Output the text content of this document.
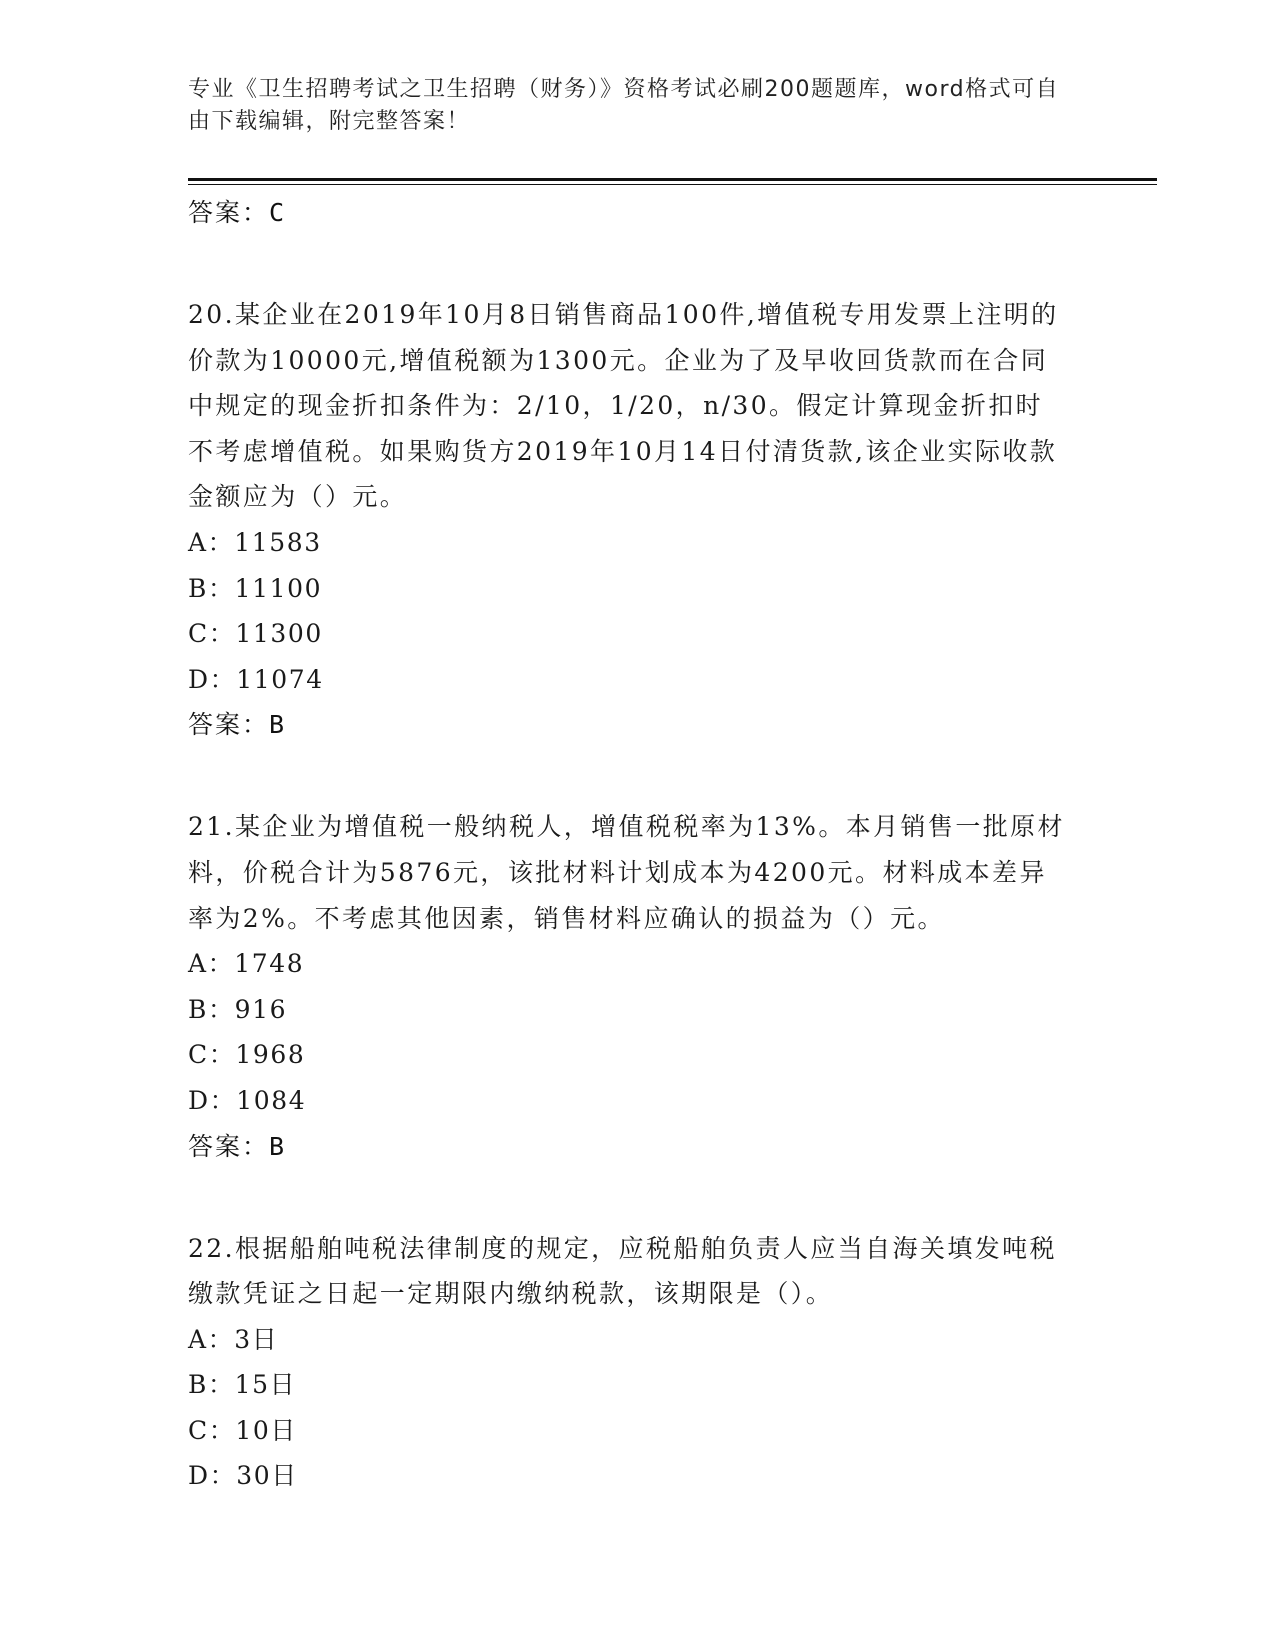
专业《卫生招聘考试之卫生招聘（财务）》资格考试必刷200题题库，word格式可自由下载编辑，附完整答案！
答案：C
20.某企业在2019年10月8日销售商品100件,增值税专用发票上注明的价款为10000元,增值税额为1300元。企业为了及早收回货款而在合同中规定的现金折扣条件为：2/10，1/20，n/30。假定计算现金折扣时不考虑增值税。如果购货方2019年10月14日付清货款,该企业实际收款金额应为（）元。
A：11583
B：11100
C：11300
D：11074
答案：B
21.某企业为增值税一般纳税人，增值税税率为13%。本月销售一批原材料，价税合计为5876元，该批材料计划成本为4200元。材料成本差异率为2%。不考虑其他因素，销售材料应确认的损益为（）元。
A：1748
B：916
C：1968
D：1084
答案：B
22.根据船舶吨税法律制度的规定，应税船舶负责人应当自海关填发吨税缴款凭证之日起一定期限内缴纳税款，该期限是（）。
A：3日
B：15日
C：10日
D：30日
